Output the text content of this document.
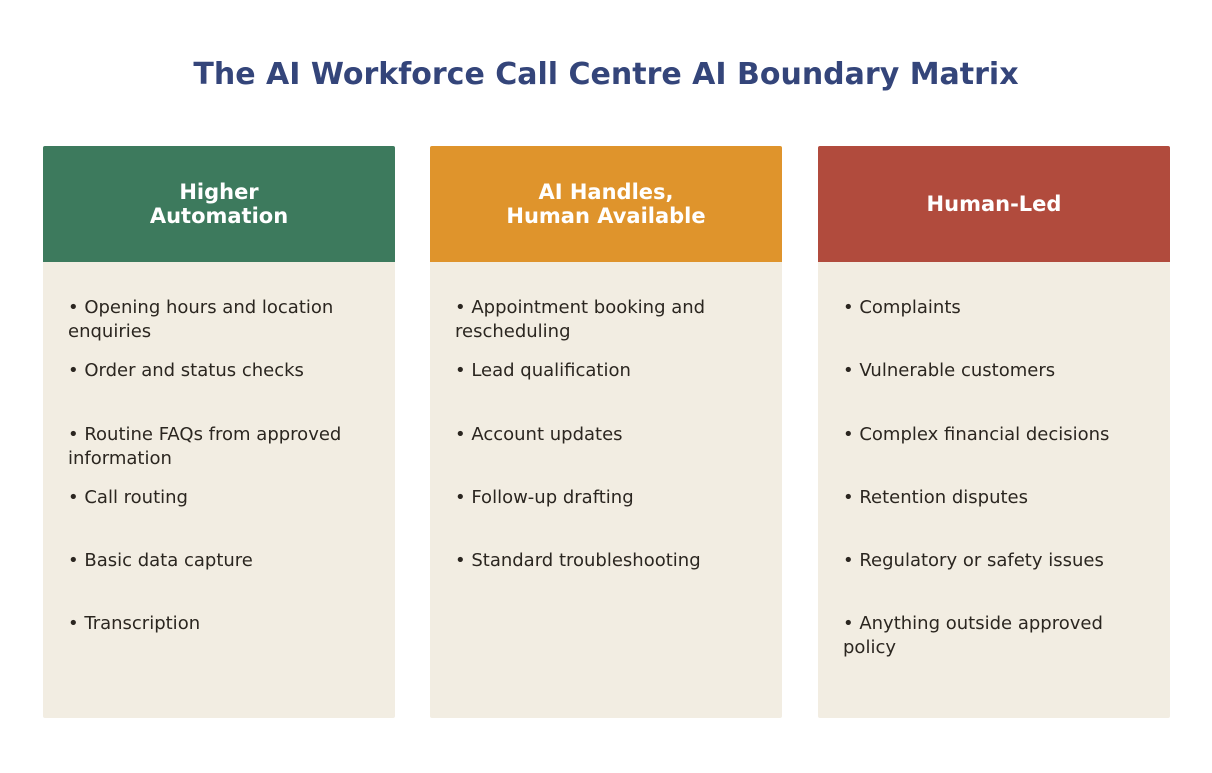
The AI Workforce Call Centre AI Boundary Matrix
Higher
Automation
• Opening hours and location enquiries
• Order and status checks
• Routine FAQs from approved information
• Call routing
• Basic data capture
• Transcription
AI Handles,
Human Available
• Appointment booking and rescheduling
• Lead qualification
• Account updates
• Follow-up drafting
• Standard troubleshooting
Human-Led
• Complaints
• Vulnerable customers
• Complex financial decisions
• Retention disputes
• Regulatory or safety issues
• Anything outside approved policy
